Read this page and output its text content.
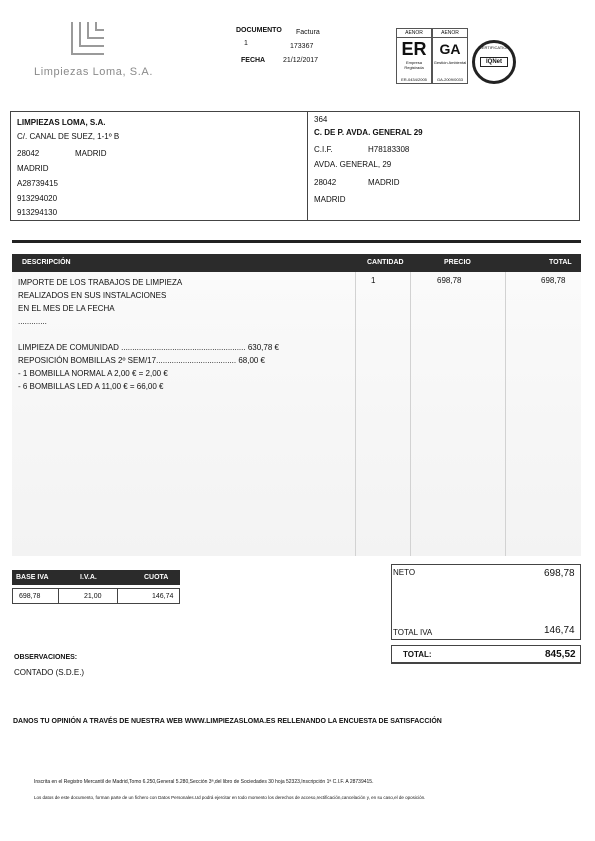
Limpiezas Loma, S.A.
DOCUMENTO Factura
1	173367
FECHA	21/12/2017
AENOR
ER
Empresa Registrada
ER-0434/2005
AENOR
GA
Gestión Ambiental
GA-2009/0033
CERTIFICATION
IQNet
LIMPIEZAS LOMA, S.A.
C/. CANAL DE SUEZ, 1-1º B
28042	MADRID
MADRID
A28739415
913294020
913294130
364
C. DE P. AVDA. GENERAL 29
C.I.F.	H78183308
AVDA. GENERAL, 29
28042	MADRID
MADRID
DESCRIPCIÓN	CANTIDAD	PRECIO	TOTAL
IMPORTE DE LOS TRABAJOS DE LIMPIEZA
REALIZADOS EN SUS INSTALACIONES
EN EL MES DE LA FECHA
.............
LIMPIEZA DE COMUNIDAD ........................................................ 630,78 €
REPOSICIÓN BOMBILLAS 2º SEM/17.................................... 68,00 €
- 1 BOMBILLA NORMAL A 2,00 € = 2,00 €
- 6 BOMBILLAS LED A 11,00 € = 66,00 €
1	698,78	698,78
BASE IVA	I.V.A.	CUOTA
698,78	21,00	146,74
NETO	698,78
TOTAL IVA	146,74
TOTAL:	845,52
OBSERVACIONES:
CONTADO (S.D.E.)
DANOS TU OPINIÓN A TRAVÉS DE NUESTRA WEB WWW.LIMPIEZASLOMA.ES RELLENANDO LA ENCUESTA DE SATISFACCIÓN
Inscrita en el Registro Mercantil de Madrid,Tomo 6.250,General 5.280,Sección 3ª,del libro de Sociedades 30 hoja 52323,Inscripción 1ª C.I.F. A 28739415.
Los datos de este documento, forman parte de un fichero con Datos Personales.Ud podrá ejercitar en todo momento los derechos de acceso,rectificación,cancelación y, en su caso,el de oposición.
